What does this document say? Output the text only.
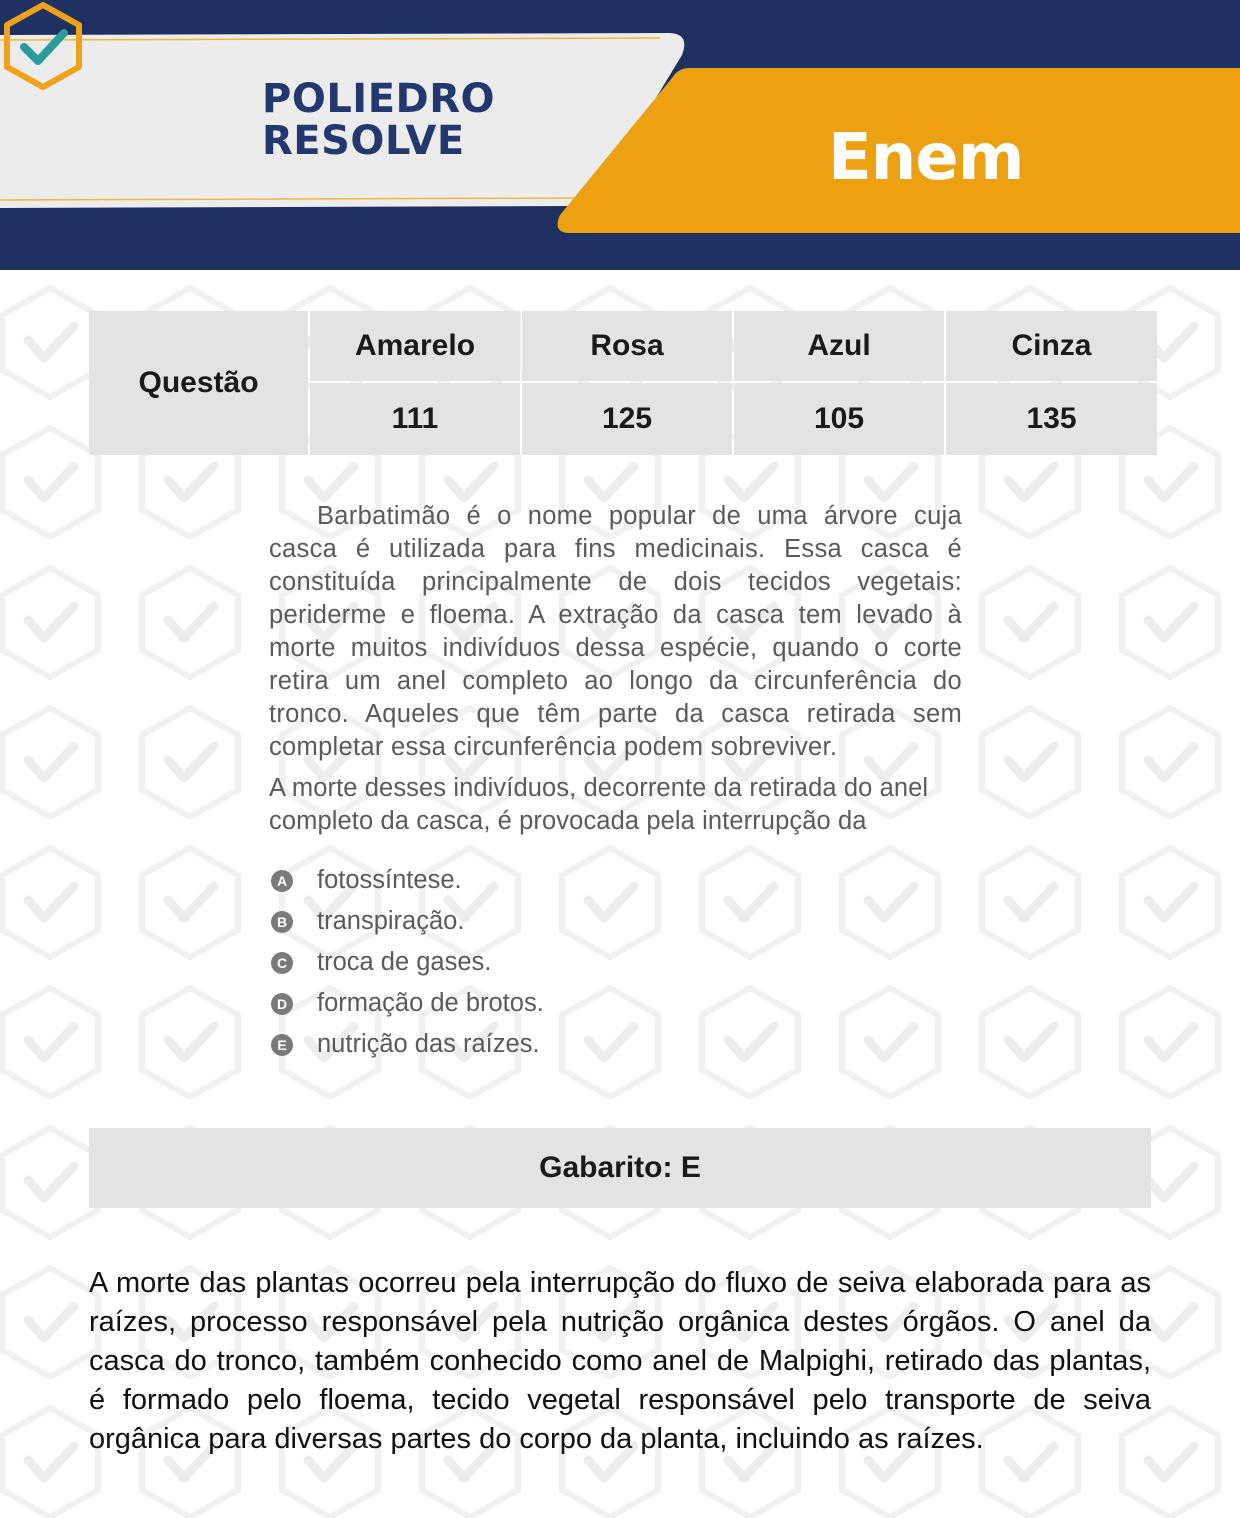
POLIEDRO
RESOLVE	Enem
Questão
Amarelo	Rosa	Azul	Cinza
111	125	105	135

Barbatimão é o nome popular de uma árvore cuja casca é utilizada para fins medicinais. Essa casca é constituída principalmente de dois tecidos vegetais: periderme e floema. A extração da casca tem levado à morte muitos indivíduos dessa espécie, quando o corte retira um anel completo ao longo da circunferência do tronco. Aqueles que têm parte da casca retirada sem completar essa circunferência podem sobreviver.

A morte desses indivíduos, decorrente da retirada do anel completo da casca, é provocada pela interrupção da

A fotossíntese.
B transpiração.
C troca de gases.
D formação de brotos.
E nutrição das raízes.
Gabarito: E

A morte das plantas ocorreu pela interrupção do fluxo de seiva elaborada para as raízes, processo responsável pela nutrição orgânica destes órgãos. O anel da casca do tronco, também conhecido como anel de Malpighi, retirado das plantas, é formado pelo floema, tecido vegetal responsável pelo transporte de seiva orgânica para diversas partes do corpo da planta, incluindo as raízes.
